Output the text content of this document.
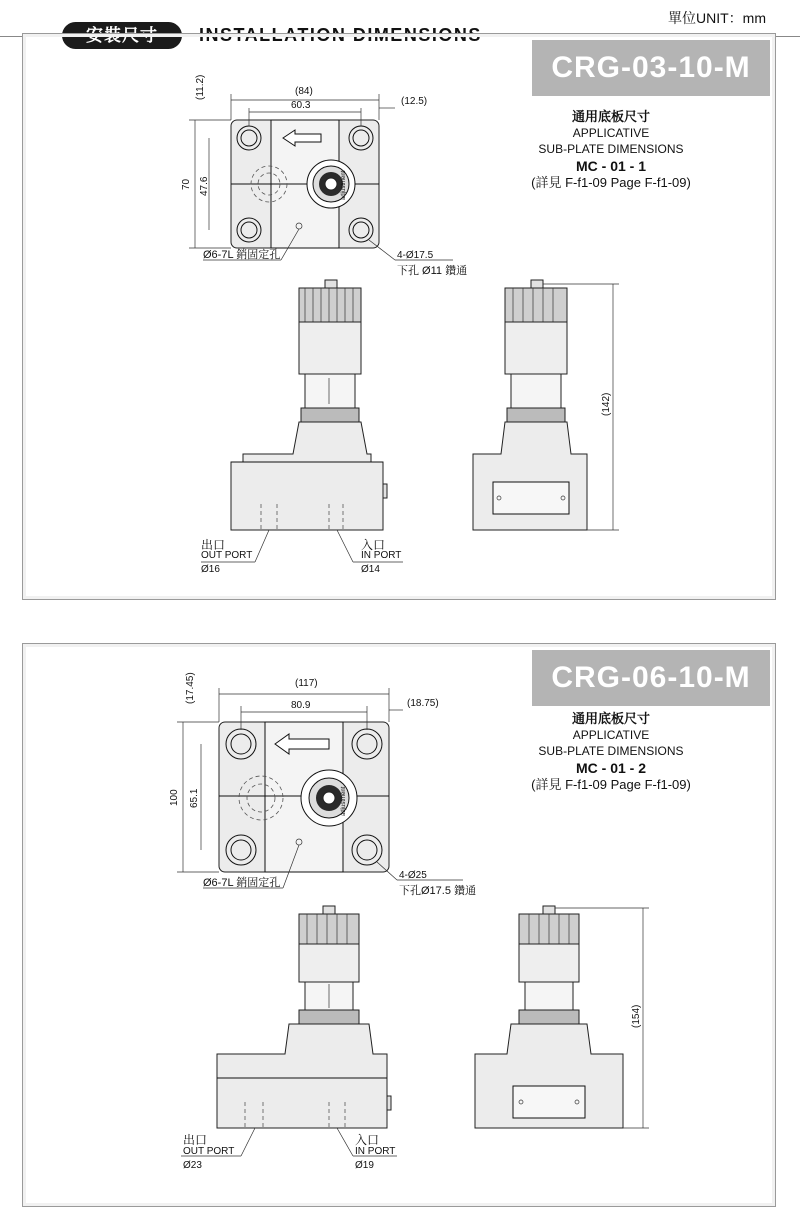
單位UNIT：mm
安裝尺寸	INSTALLATION DIMENSIONS
CRG-03-10-M
通用底板尺寸
APPLICATIVE
SUB-PLATE DIMENSIONS
MC - 01 - 1
(詳見 F-f1-09 Page F-f1-09)
adjustment
(84)
60.3	(12.5)
70 47.6
(11.2)
Ø6-7L 銷固定孔	4-Ø17.5
下孔 Ø11 鑽通
出口
OUT PORT
Ø16
入口
IN PORT
Ø14
(142)
CRG-06-10-M
通用底板尺寸
APPLICATIVE
SUB-PLATE DIMENSIONS
MC - 01 - 2
(詳見 F-f1-09 Page F-f1-09)
adjustment
(117)
80.9	(18.75)
100 65.1
(17.45)
Ø6-7L 銷固定孔
4-Ø25
下孔Ø17.5 鑽通
出口
OUT PORT
Ø23
入口
IN PORT
Ø19
(154)
